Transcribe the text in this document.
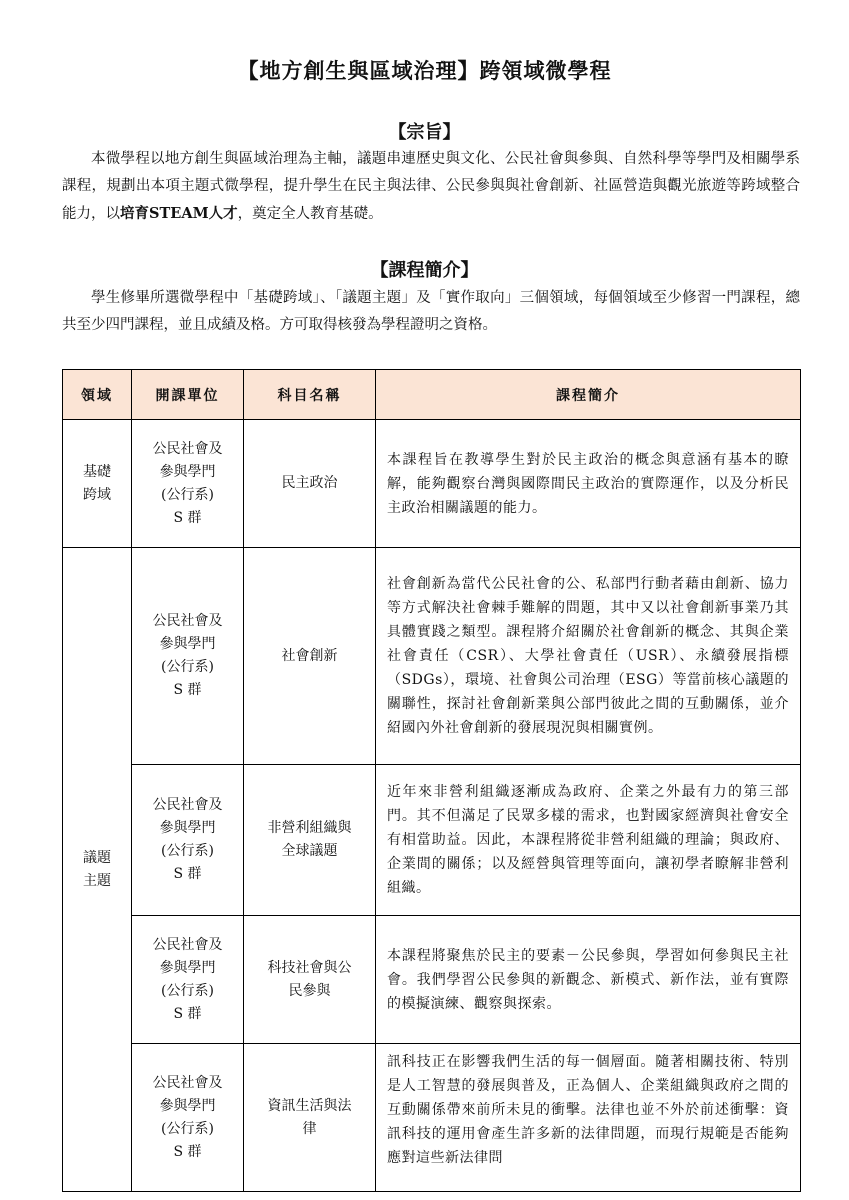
【地方創生與區域治理】跨領域微學程
【宗旨】
本微學程以地方創生與區域治理為主軸，議題串連歷史與文化、公民社會與參與、自然科學等學門及相關學系課程，規劃出本項主題式微學程，提升學生在民主與法律、公民參與與社會創新、社區營造與觀光旅遊等跨域整合能力，以培育STEAM人才，奠定全人教育基礎。
【課程簡介】
學生修畢所選微學程中「基礎跨域」、「議題主題」及「實作取向」三個領域，每個領域至少修習一門課程，總共至少四門課程，並且成績及格。方可取得核發為學程證明之資格。
領域	開課單位	科目名稱	課程簡介

基礎
跨域	公民社會及
參與學門
(公行系)
S 群	民主政治	本課程旨在教導學生對於民主政治的概念與意涵有基本的瞭解，能夠觀察台灣與國際間民主政治的實際運作，以及分析民主政治相關議題的能力。

議題
主題	公民社會及
參與學門
(公行系)
S 群	社會創新	社會創新為當代公民社會的公、私部門行動者藉由創新、協力等方式解決社會棘手難解的問題，其中又以社會創新事業乃其具體實踐之類型。課程將介紹關於社會創新的概念、其與企業社會責任（CSR）、大學社會責任（USR）、永續發展指標（SDGs），環境、社會與公司治理（ESG）等當前核心議題的關聯性，探討社會創新業與公部門彼此之間的互動關係，並介紹國內外社會創新的發展現況與相關實例。

	公民社會及
參與學門
(公行系)
S 群	非營利組織與
全球議題	近年來非營利組織逐漸成為政府、企業之外最有力的第三部門。其不但滿足了民眾多樣的需求，也對國家經濟與社會安全有相當助益。因此，本課程將從非營利組織的理論；與政府、企業間的關係；以及經營與管理等面向，讓初學者瞭解非營利組織。

	公民社會及
參與學門
(公行系)
S 群	科技社會與公
民參與	本課程將聚焦於民主的要素－公民參與，學習如何參與民主社會。我們學習公民參與的新觀念、新模式、新作法，並有實際的模擬演練、觀察與探索。

	公民社會及
參與學門
(公行系)
S 群	資訊生活與法
律	訊科技正在影響我們生活的每一個層面。隨著相關技術、特別是人工智慧的發展與普及，正為個人、企業組織與政府之間的互動關係帶來前所未見的衝擊。法律也並不外於前述衝擊：資訊科技的運用會產生許多新的法律問題，而現行規範是否能夠應對這些新法律問
